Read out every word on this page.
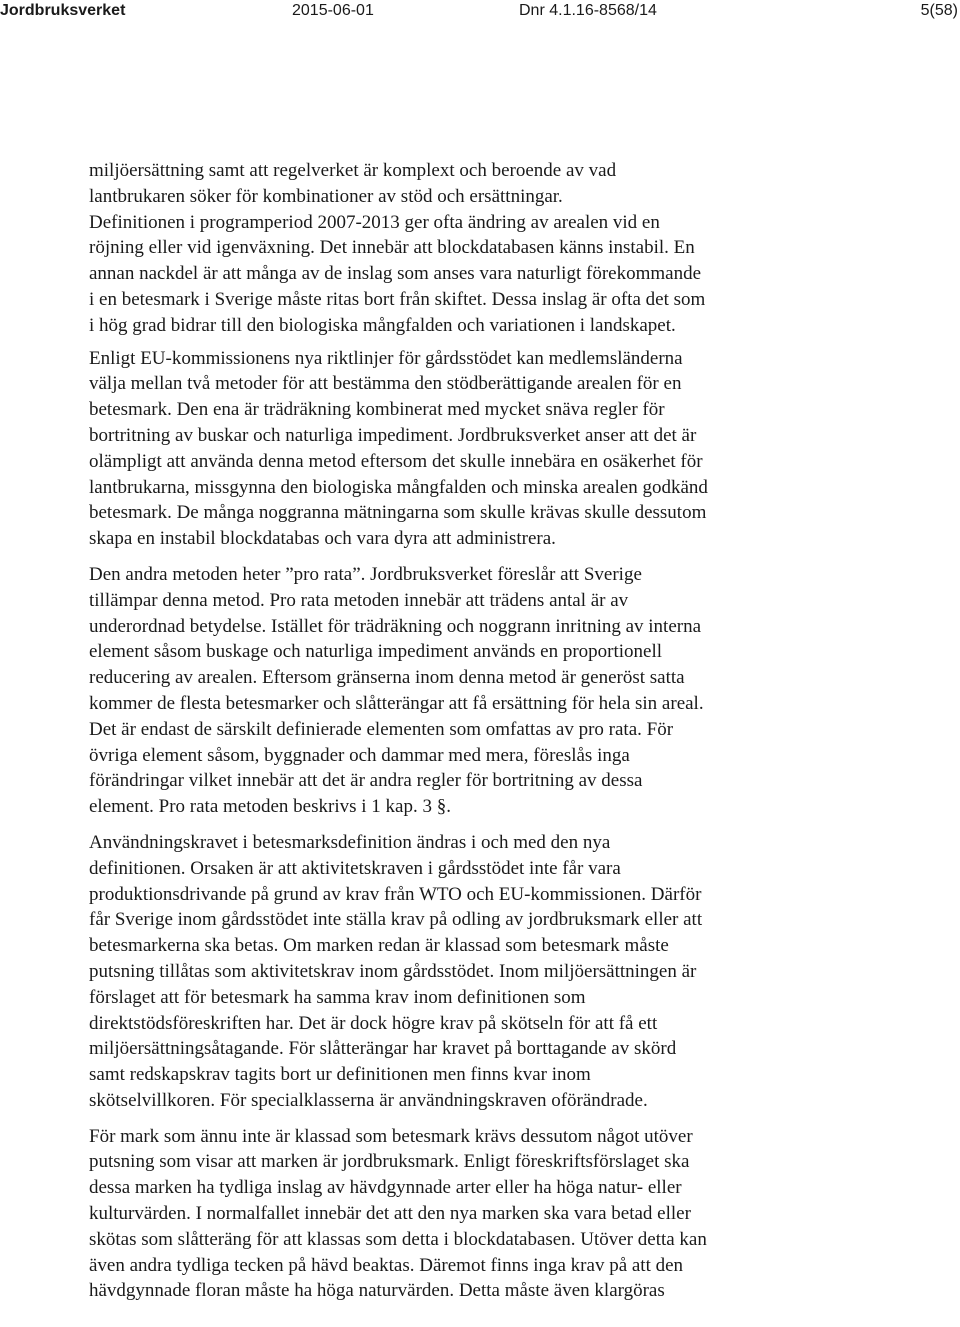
Jordbruksverket	2015-06-01	Dnr 4.1.16-8568/14	5(58)

miljöersättning samt att regelverket är komplext och beroende av vad
lantbrukaren söker för kombinationer av stöd och ersättningar.
Definitionen i programperiod 2007-2013 ger ofta ändring av arealen vid en
röjning eller vid igenväxning. Det innebär att blockdatabasen känns instabil. En
annan nackdel är att många av de inslag som anses vara naturligt förekommande
i en betesmark i Sverige måste ritas bort från skiftet. Dessa inslag är ofta det som
i hög grad bidrar till den biologiska mångfalden och variationen i landskapet.

Enligt EU-kommissionens nya riktlinjer för gårdsstödet kan medlemsländerna
välja mellan två metoder för att bestämma den stödberättigande arealen för en
betesmark. Den ena är trädräkning kombinerat med mycket snäva regler för
bortritning av buskar och naturliga impediment. Jordbruksverket anser att det är
olämpligt att använda denna metod eftersom det skulle innebära en osäkerhet för
lantbrukarna, missgynna den biologiska mångfalden och minska arealen godkänd
betesmark. De många noggranna mätningarna som skulle krävas skulle dessutom
skapa en instabil blockdatabas och vara dyra att administrera.

Den andra metoden heter ”pro rata”. Jordbruksverket föreslår att Sverige
tillämpar denna metod. Pro rata metoden innebär att trädens antal är av
underordnad betydelse. Istället för trädräkning och noggrann inritning av interna
element såsom buskage och naturliga impediment används en proportionell
reducering av arealen. Eftersom gränserna inom denna metod är generöst satta
kommer de flesta betesmarker och slåtterängar att få ersättning för hela sin areal.
Det är endast de särskilt definierade elementen som omfattas av pro rata. För
övriga element såsom, byggnader och dammar med mera, föreslås inga
förändringar vilket innebär att det är andra regler för bortritning av dessa
element. Pro rata metoden beskrivs i 1 kap. 3 §.

Användningskravet i betesmarksdefinition ändras i och med den nya
definitionen. Orsaken är att aktivitetskraven i gårdsstödet inte får vara
produktionsdrivande på grund av krav från WTO och EU-kommissionen. Därför
får Sverige inom gårdsstödet inte ställa krav på odling av jordbruksmark eller att
betesmarkerna ska betas. Om marken redan är klassad som betesmark måste
putsning tillåtas som aktivitetskrav inom gårdsstödet. Inom miljöersättningen är
förslaget att för betesmark ha samma krav inom definitionen som
direktstödsföreskriften har. Det är dock högre krav på skötseln för att få ett
miljöersättningsåtagande. För slåtterängar har kravet på borttagande av skörd
samt redskapskrav tagits bort ur definitionen men finns kvar inom
skötselvillkoren. För specialklasserna är användningskraven oförändrade.

För mark som ännu inte är klassad som betesmark krävs dessutom något utöver
putsning som visar att marken är jordbruksmark. Enligt föreskriftsförslaget ska
dessa marken ha tydliga inslag av hävdgynnade arter eller ha höga natur- eller
kulturvärden. I normalfallet innebär det att den nya marken ska vara betad eller
skötas som slåtteräng för att klassas som detta i blockdatabasen. Utöver detta kan
även andra tydliga tecken på hävd beaktas. Däremot finns inga krav på att den
hävdgynnade floran måste ha höga naturvärden. Detta måste även klargöras
